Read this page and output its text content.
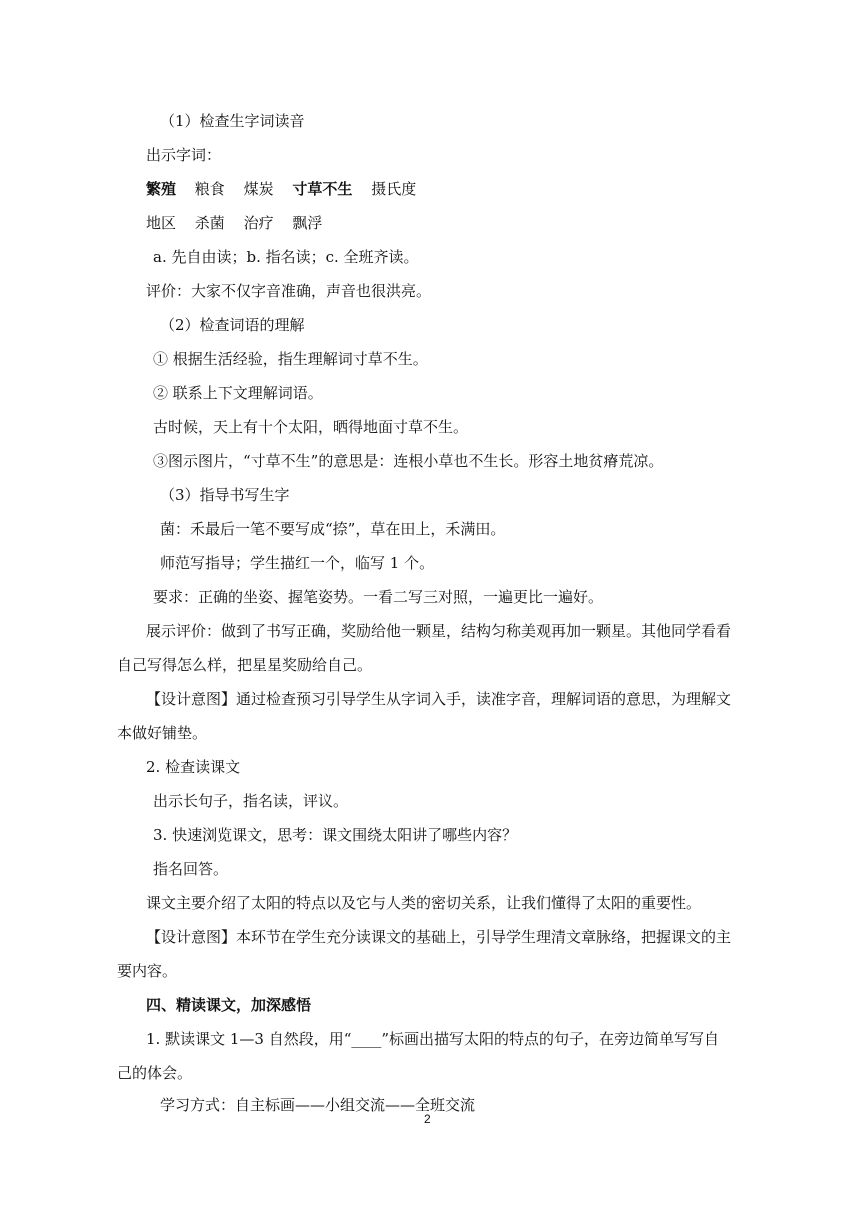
（1）检查生字词读音
出示字词：
繁殖 粮食 煤炭 寸草不生 摄氏度
地区 杀菌 治疗 飘浮
a. 先自由读；b. 指名读；c. 全班齐读。
评价：大家不仅字音准确，声音也很洪亮。
（2）检查词语的理解
① 根据生活经验，指生理解词寸草不生。
② 联系上下文理解词语。
古时候，天上有十个太阳，晒得地面寸草不生。
③图示图片，“寸草不生”的意思是：连根小草也不生长。形容土地贫瘠荒凉。
（3）指导书写生字
菌：禾最后一笔不要写成“捺”，草在田上，禾满田。
师范写指导；学生描红一个，临写 1 个。
要求：正确的坐姿、握笔姿势。一看二写三对照，一遍更比一遍好。
展示评价：做到了书写正确，奖励给他一颗星，结构匀称美观再加一颗星。其他同学看看
自己写得怎么样，把星星奖励给自己。
【设计意图】通过检查预习引导学生从字词入手，读准字音，理解词语的意思，为理解文
本做好铺垫。
2. 检查读课文
出示长句子，指名读，评议。
3. 快速浏览课文，思考：课文围绕太阳讲了哪些内容？
指名回答。
课文主要介绍了太阳的特点以及它与人类的密切关系，让我们懂得了太阳的重要性。
【设计意图】本环节在学生充分读课文的基础上，引导学生理清文章脉络，把握课文的主
要内容。
四、精读课文，加深感悟
1. 默读课文 1—3 自然段，用“____”标画出描写太阳的特点的句子，在旁边简单写写自
己的体会。
学习方式：自主标画——小组交流——全班交流
2
